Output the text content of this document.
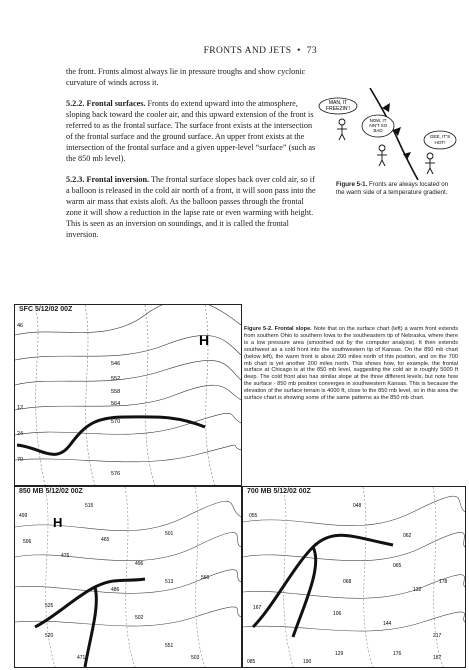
FRONTS AND JETS • 73

the front. Fronts almost always lie in pressure troughs and show cyclonic curvature of winds across it.

5.2.2. Frontal surfaces. Fronts do extend upward into the atmosphere, sloping back toward the cooler air, and this upward extension of the front is referred to as the frontal surface. The surface front exists at the intersection of the frontal surface and the ground surface. An upper front exists at the intersection of the frontal surface and a given upper-level “surface” (such as the 850 mb level).

5.2.3. Frontal inversion. The frontal surface slopes back over cold air, so if a balloon is released in the cold air north of a front, it will soon pass into the warm air mass that exists aloft. As the balloon passes through the frontal zone it will show a reduction in the lapse rate or even warming with height. This is seen as an inversion on soundings, and it is called the frontal inversion.

MAN, IT
FREEZIN'!
NOW, IT
AIN'T SO
BAD
GEE, IT'S
HOT!
Figure 5-1. Fronts are always located on the warm side of a temperature gradient.
SFC 5/12/02 00Z
H
546
552
558
564
570
576
46
12
70
24
Figure 5-2. Frontal slope. Note that on the surface chart (left) a warm front extends from southern Ohio to southern Iowa to the southeastern tip of Nebraska, where there is a low pressure area (smoothed out by the computer analysis). It then extends southwest as a cold front into the southwestern tip of Kansas. On the 850 mb chart (below left), the warm front is about 200 miles north of this position, and on the 700 mb chart is yet another 200 miles north. This shows how, for example, the frontal surface at Chicago is at the 850 mb level, suggesting the cold air is roughly 5000 ft deep. The cold front also has similar slope at the three different levels, but note how the surface - 850 mb position converges in southwestern Kansas. This is because the elevation of the surface terrain is 4000 ft, close to the 850 mb level, so in this area the surface chart is showing some of the same patterns as the 850 mb chart.
850 MB 5/12/02 00Z
H
499
515
465
501
496
476
506
513
486
566
525
551
520
502
503
471
700 MB 5/12/02 00Z
055
048
062
065
068
132
178
167
106
144
217
129	176
187
190
085
